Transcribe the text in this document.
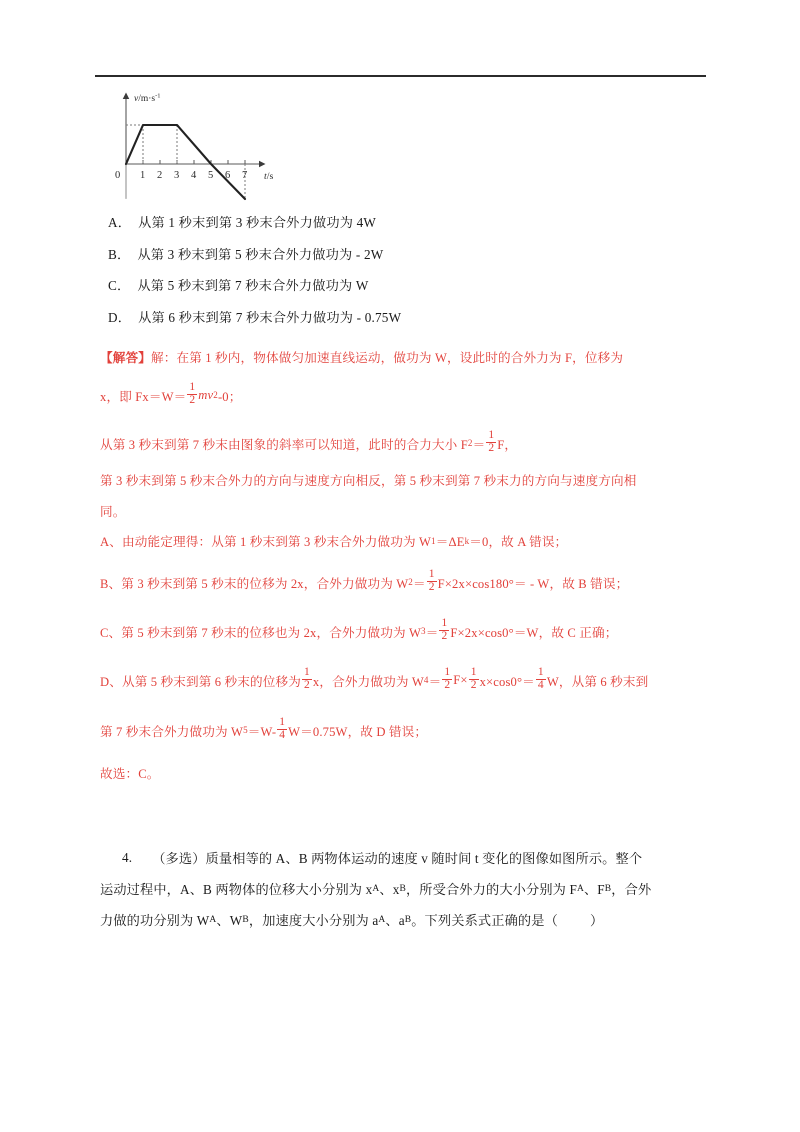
0 1 2 3 4 5 6 7
$v/m\cdot s^{-1}$
t/s
A． 从第 1 秒末到第 3 秒末合外力做功为 4W
B． 从第 3 秒末到第 5 秒末合外力做功为 - 2W
C． 从第 5 秒末到第 7 秒末合外力做功为 W
D． 从第 6 秒末到第 7 秒末合外力做功为 - 0.75W
【解答】 解：在第 1 秒内，物体做匀加速直线运动，做功为 W，设此时的合外力为 F，位移为
x，即 $Fx=W= \frac{1}{2}$ m v 2 -0；
从第 3 秒末到第 7 秒末由图象的斜率可以知道，此时的合力大小 F $2 = \frac{1}{2}$ F，
第 3 秒末到第 5 秒末合外力的方向与速度方向相反，第 5 秒末到第 7 秒末力的方向与速度方向相
同。
A、由动能定理得：从第 1 秒末到第 3 秒末合外力做功为 W 1 ＝ΔE k ＝0，故 A 错误；
B、第 3 秒末到第 5 秒末的位移为 2x，合外力做功为 W $2 = \frac{1}{2} F\times 2x\times\cos 180^\circ= - W$，故 B 错误；
C、第 5 秒末到第 7 秒末的位移也为 2x，合外力做功为 W $3 = \frac{1}{2} F\times 2x\times\cos 0^\circ=W$，故 C 正确；
D、从第 5 秒末到第 6 秒末的位移为 $\frac{1}{2}$ x，合外力做功为 W $4 = \frac{1}{2} F\times \frac{1}{2} x\times\cos 0^\circ= \frac{1}{4}$ W，从第 6 秒末到
第 7 秒末合外力做功为 W $5 =W- \frac{1}{4} W=0.75W$，故 D 错误；
故选：C。
4. （多选）质量相等的 A、B 两物体运动的速度 v 随时间 t 变化的图像如图所示。整个
运动过程中，A、B 两物体的位移大小分别为 x A 、x B ，所受合外力的大小分别为 F A 、F B ，合外
力做的功分别为 W A 、W B ，加速度大小分别为 a A 、a B 。下列关系式正确的是（ ）
